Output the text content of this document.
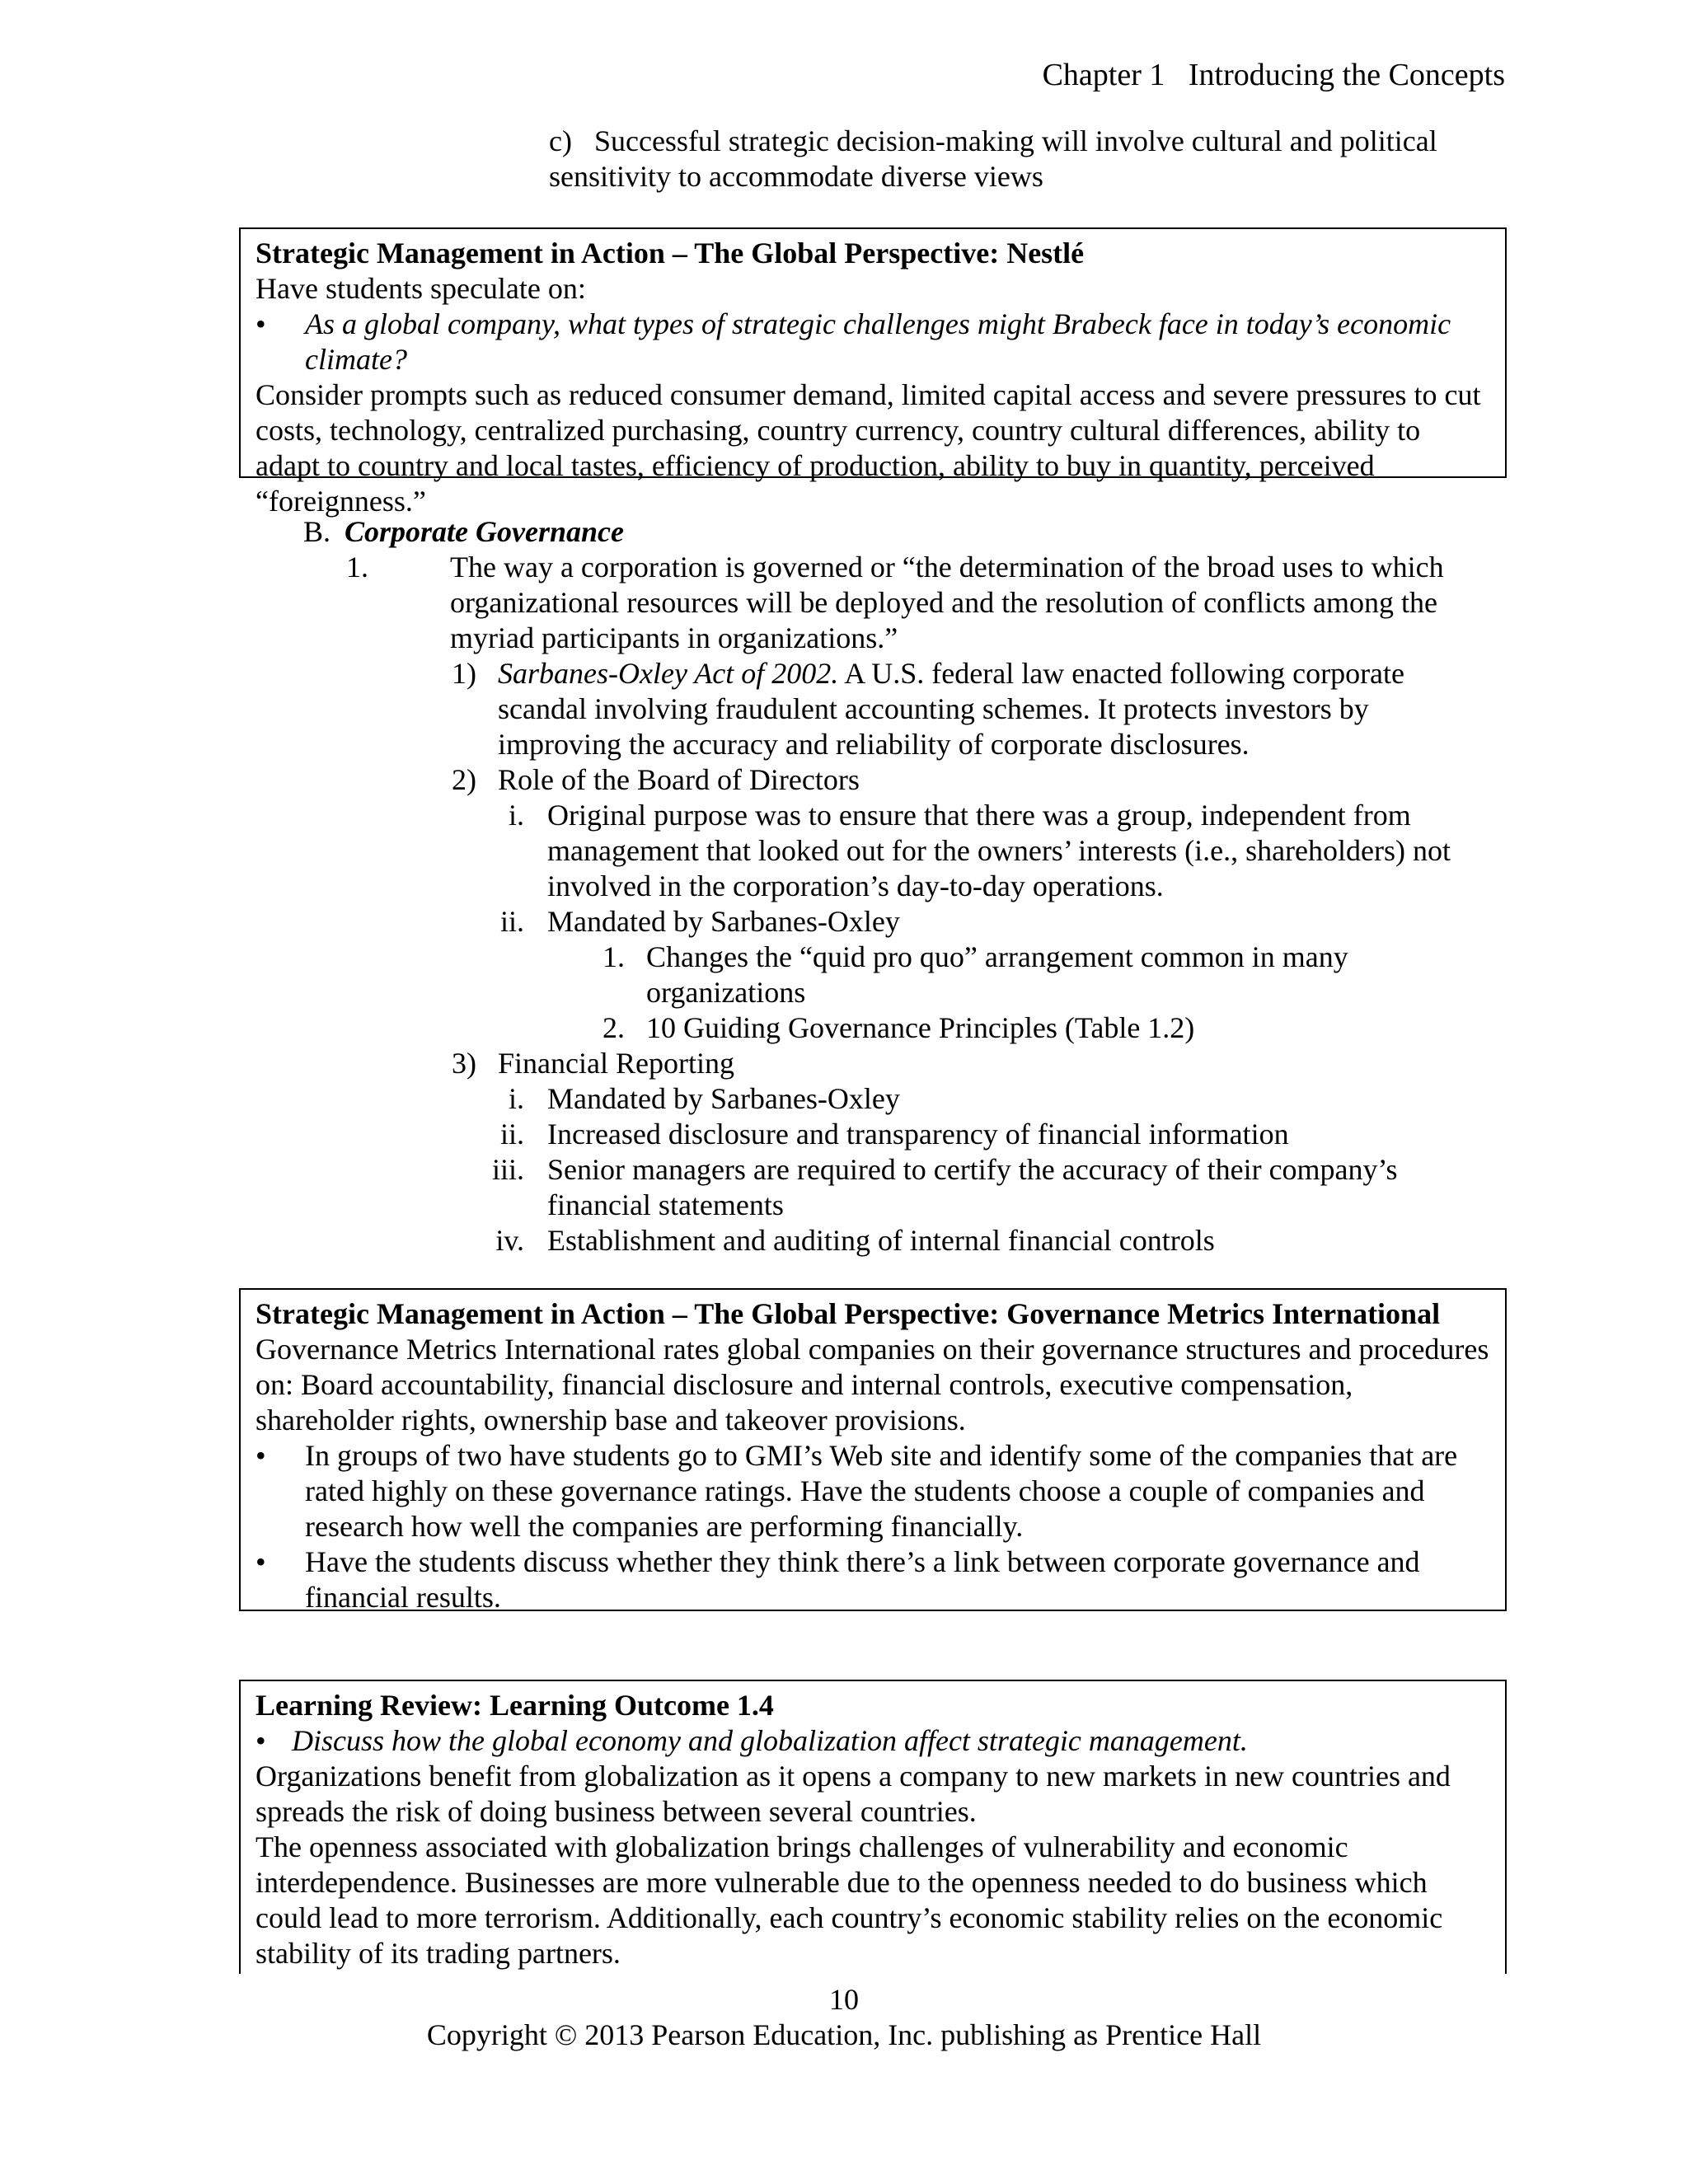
Chapter 1 Introducing the Concepts
c) Successful strategic decision-making will involve cultural and political sensitivity to accommodate diverse views

Strategic Management in Action – The Global Perspective: Nestlé

Have students speculate on:

•	As a global company, what types of strategic challenges might Brabeck face in today’s economic climate?

Consider prompts such as reduced consumer demand, limited capital access and severe pressures to cut costs, technology, centralized purchasing, country currency, country cultural differences, ability to adapt to country and local tastes, efficiency of production, ability to buy in quantity, perceived “foreignness.”

B. Corporate Governance
1.	The way a corporation is governed or “the determination of the broad uses to which organizational resources will be deployed and the resolution of conflicts among the myriad participants in organizations.”
1) Sarbanes-Oxley Act of 2002. A U.S. federal law enacted following corporate scandal involving fraudulent accounting schemes. It protects investors by improving the accuracy and reliability of corporate disclosures.
2) Role of the Board of Directors
i. Original purpose was to ensure that there was a group, independent from management that looked out for the owners’ interests (i.e., shareholders) not involved in the corporation’s day-to-day operations.
ii. Mandated by Sarbanes-Oxley
1. Changes the “quid pro quo” arrangement common in many organizations
2. 10 Guiding Governance Principles (Table 1.2)
3) Financial Reporting
i. Mandated by Sarbanes-Oxley
ii. Increased disclosure and transparency of financial information
iii. Senior managers are required to certify the accuracy of their company’s financial statements
iv. Establishment and auditing of internal financial controls

Strategic Management in Action – The Global Perspective: Governance Metrics International

Governance Metrics International rates global companies on their governance structures and procedures on: Board accountability, financial disclosure and internal controls, executive compensation, shareholder rights, ownership base and takeover provisions.

•	In groups of two have students go to GMI’s Web site and identify some of the companies that are rated highly on these governance ratings. Have the students choose a couple of companies and research how well the companies are performing financially.
•	Have the students discuss whether they think there’s a link between corporate governance and financial results.

Learning Review: Learning Outcome 1.4

• Discuss how the global economy and globalization affect strategic management.

Organizations benefit from globalization as it opens a company to new markets in new countries and spreads the risk of doing business between several countries.

The openness associated with globalization brings challenges of vulnerability and economic interdependence. Businesses are more vulnerable due to the openness needed to do business which could lead to more terrorism. Additionally, each country’s economic stability relies on the economic stability of its trading partners.

10
Copyright © 2013 Pearson Education, Inc. publishing as Prentice Hall
